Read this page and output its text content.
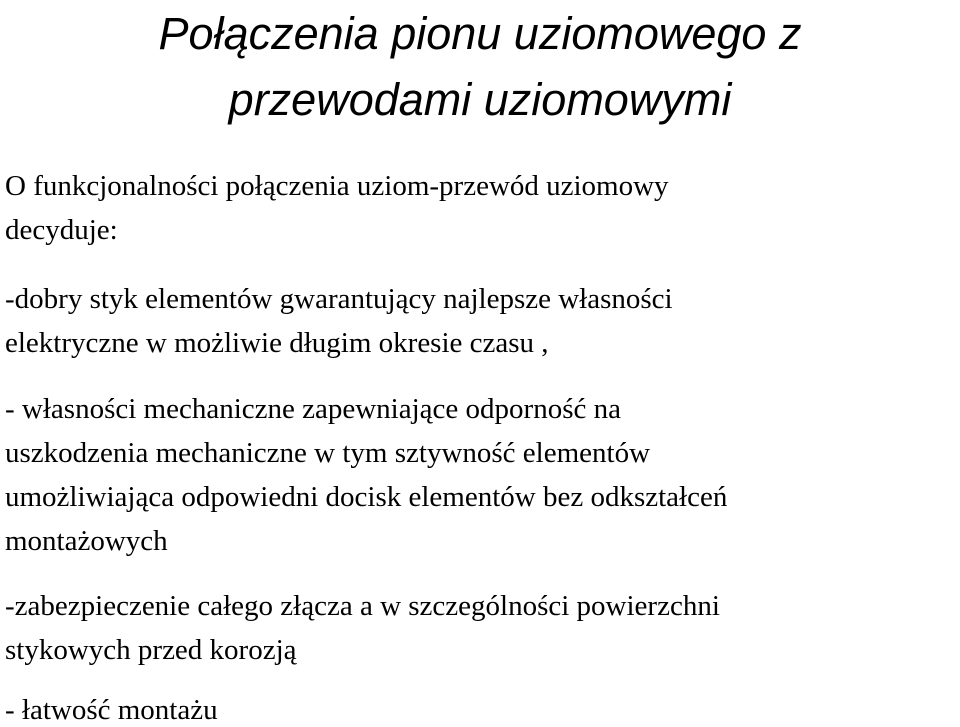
Połączenia pionu uziomowego z
przewodami uziomowymi
O funkcjonalności połączenia uziom-przewód uziomowy
decyduje:
-dobry styk elementów gwarantujący najlepsze własności
elektryczne w możliwie długim okresie czasu ,
- własności mechaniczne zapewniające odporność na
uszkodzenia mechaniczne w tym sztywność elementów
umożliwiająca odpowiedni docisk elementów bez odkształceń
montażowych
-zabezpieczenie całego złącza a w szczególności powierzchni
stykowych przed korozją
- łatwość montażu
